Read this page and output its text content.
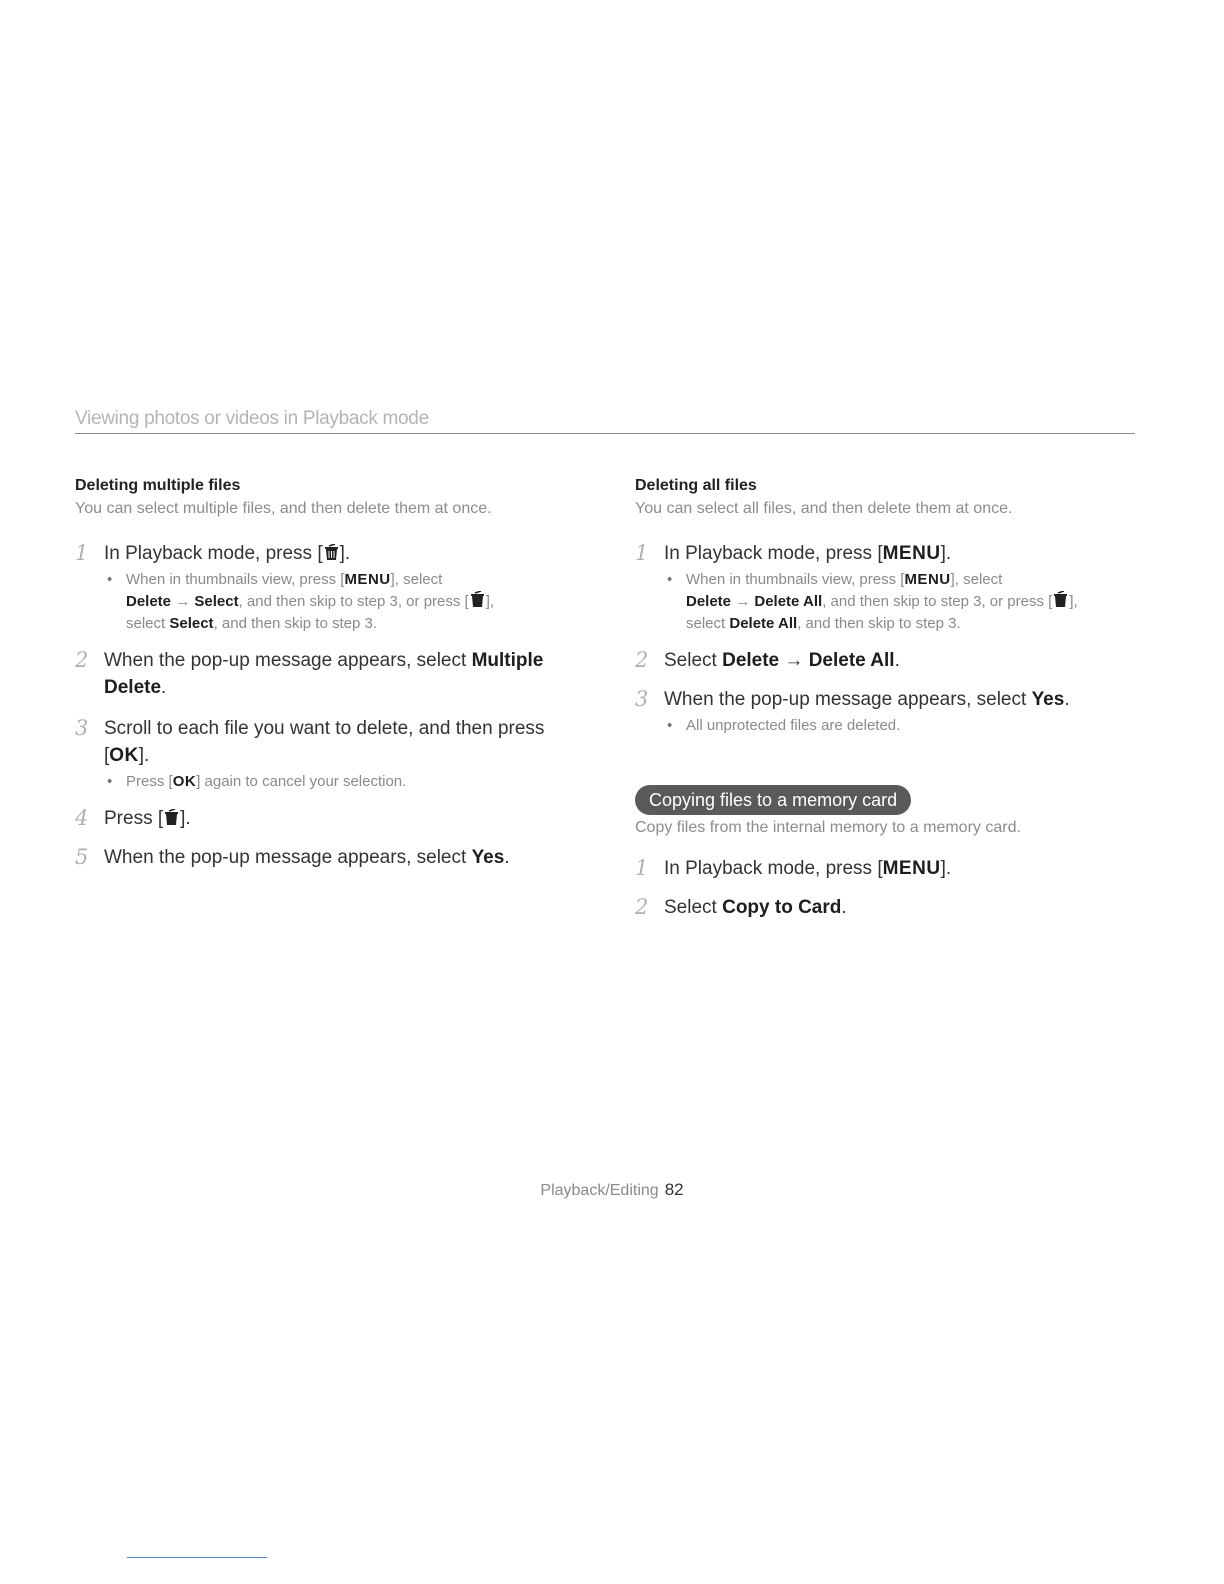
Viewing photos or videos in Playback mode
Deleting multiple files
You can select multiple files, and then delete them at once.
1 In Playback mode, press [ ].
• When in thumbnails view, press [MENU], select
Delete → Select, and then skip to step 3, or press [ ],
select Select, and then skip to step 3.
2 When the pop-up message appears, select Multiple Delete.
3 Scroll to each file you want to delete, and then press [OK].
• Press [OK] again to cancel your selection.
4 Press [ ].
5 When the pop-up message appears, select Yes.
Deleting all files
You can select all files, and then delete them at once.
1 In Playback mode, press [MENU].
• When in thumbnails view, press [MENU], select
Delete → Delete All, and then skip to step 3, or press [ ],
select Delete All, and then skip to step 3.
2 Select Delete → Delete All.
3 When the pop-up message appears, select Yes.
• All unprotected files are deleted.
Copying files to a memory card
Copy files from the internal memory to a memory card.
1 In Playback mode, press [MENU].
2 Select Copy to Card.
Playback/Editing 82
